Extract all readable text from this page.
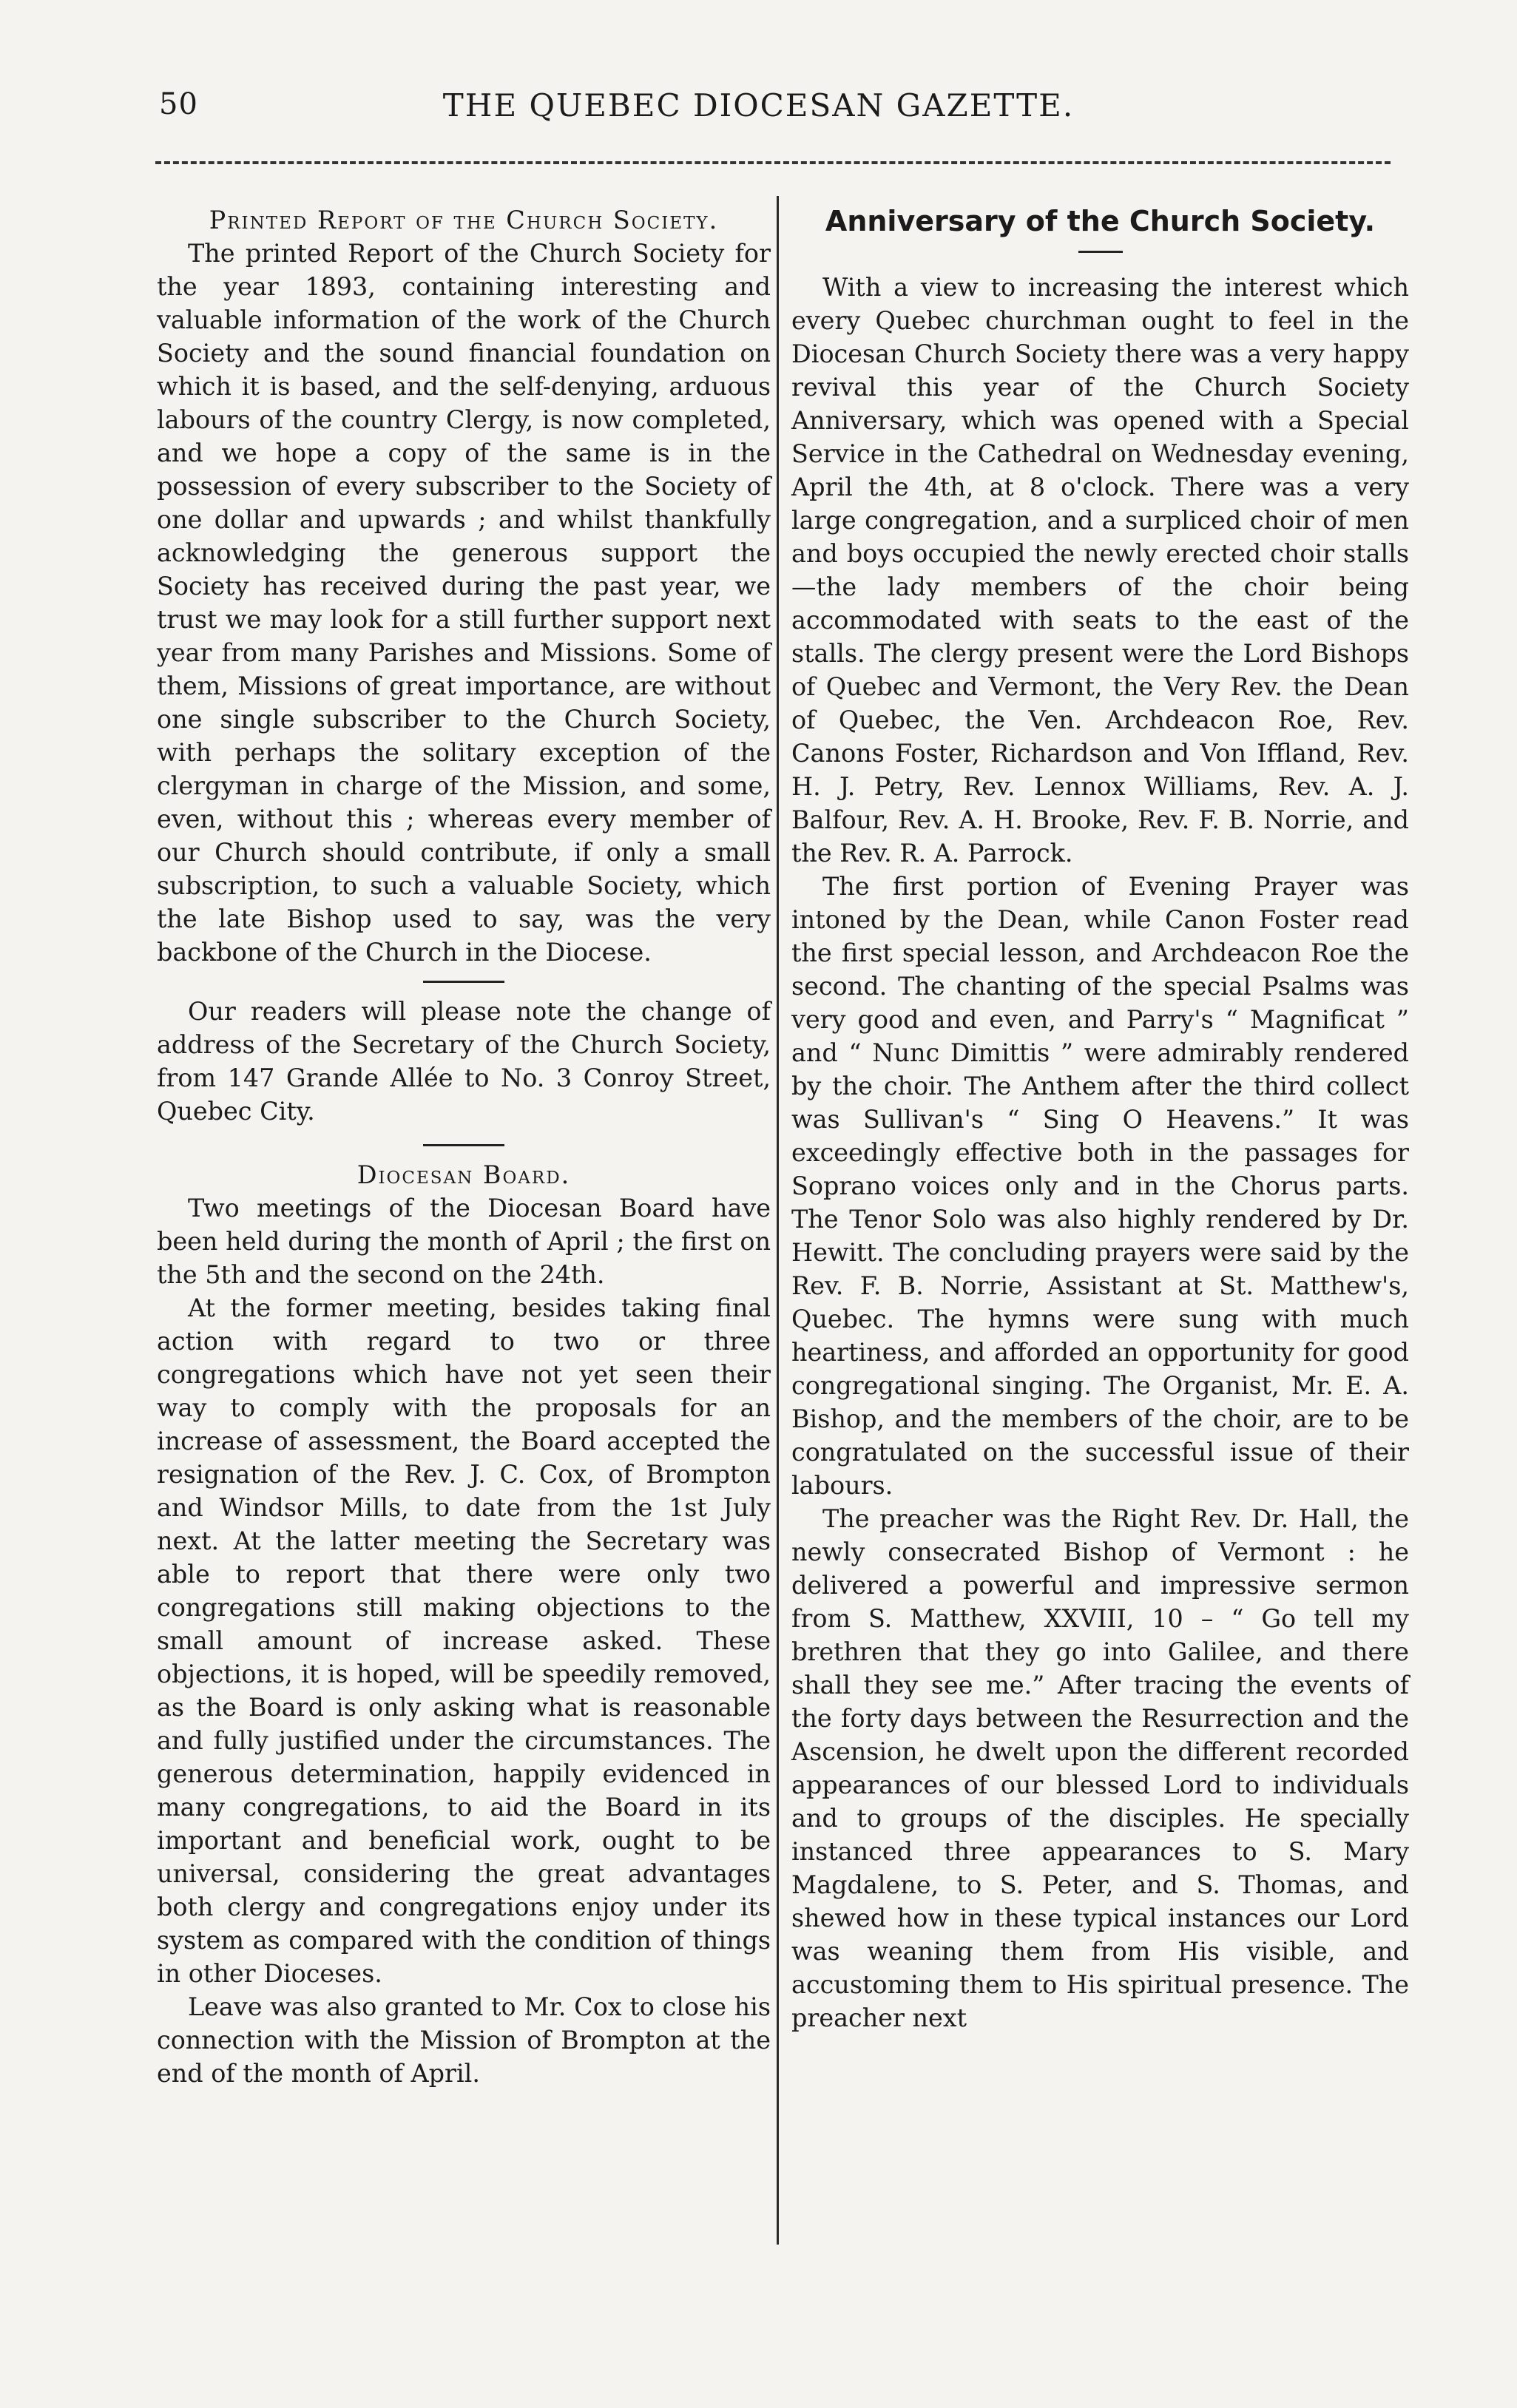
50	THE QUEBEC DIOCESAN GAZETTE.
Printed Report of the Church Society.

The printed Report of the Church Society for the year 1893, containing interesting and valuable information of the work of the Church Society and the sound financial foundation on which it is based, and the self-denying, arduous labours of the country Clergy, is now completed, and we hope a copy of the same is in the possession of every subscriber to the Society of one dollar and upwards ; and whilst thankfully acknowledging the generous support the Society has received during the past year, we trust we may look for a still further support next year from many Parishes and Missions. Some of them, Missions of great importance, are without one single subscriber to the Church Society, with perhaps the solitary exception of the clergyman in charge of the Mission, and some, even, without this ; whereas every member of our Church should contribute, if only a small subscription, to such a valuable Society, which the late Bishop used to say, was the very backbone of the Church in the Diocese.

Our readers will please note the change of address of the Secretary of the Church Society, from 147 Grande Allée to No. 3 Conroy Street, Quebec City.

Diocesan Board.

Two meetings of the Diocesan Board have been held during the month of April ; the first on the 5th and the second on the 24th.

At the former meeting, besides taking final action with regard to two or three congregations which have not yet seen their way to comply with the proposals for an increase of assessment, the Board accepted the resignation of the Rev. J. C. Cox, of Brompton and Windsor Mills, to date from the 1st July next. At the latter meeting the Secretary was able to report that there were only two congregations still making objections to the small amount of increase asked. These objections, it is hoped, will be speedily removed, as the Board is only asking what is reasonable and fully justified under the circumstances. The generous determination, happily evidenced in many congregations, to aid the Board in its important and beneficial work, ought to be universal, considering the great advantages both clergy and congregations enjoy under its system as compared with the condition of things in other Dioceses.

Leave was also granted to Mr. Cox to close his connection with the Mission of Brompton at the end of the month of April.

Anniversary of the Church Society.

With a view to increasing the interest which every Quebec churchman ought to feel in the Diocesan Church Society there was a very happy revival this year of the Church Society Anniversary, which was opened with a Special Service in the Cathedral on Wednesday evening, April the 4th, at 8 o'clock. There was a very large congregation, and a surpliced choir of men and boys occupied the newly erected choir stalls—the lady members of the choir being accommodated with seats to the east of the stalls. The clergy present were the Lord Bishops of Quebec and Vermont, the Very Rev. the Dean of Quebec, the Ven. Archdeacon Roe, Rev. Canons Foster, Richardson and Von Iffland, Rev. H. J. Petry, Rev. Lennox Williams, Rev. A. J. Balfour, Rev. A. H. Brooke, Rev. F. B. Norrie, and the Rev. R. A. Parrock.

The first portion of Evening Prayer was intoned by the Dean, while Canon Foster read the first special lesson, and Archdeacon Roe the second. The chanting of the special Psalms was very good and even, and Parry's “ Magnificat ” and “ Nunc Dimittis ” were admirably rendered by the choir. The Anthem after the third collect was Sullivan's “ Sing O Heavens.” It was exceedingly effective both in the passages for Soprano voices only and in the Chorus parts. The Tenor Solo was also highly rendered by Dr. Hewitt. The concluding prayers were said by the Rev. F. B. Norrie, Assistant at St. Matthew's, Quebec. The hymns were sung with much heartiness, and afforded an opportunity for good congregational singing. The Organist, Mr. E. A. Bishop, and the members of the choir, are to be congratulated on the successful issue of their labours.

The preacher was the Right Rev. Dr. Hall, the newly consecrated Bishop of Vermont : he delivered a powerful and impressive sermon from S. Matthew, XXVIII, 10 – “ Go tell my brethren that they go into Galilee, and there shall they see me.” After tracing the events of the forty days between the Resurrection and the Ascension, he dwelt upon the different recorded appearances of our blessed Lord to individuals and to groups of the disciples. He specially instanced three appearances to S. Mary Magdalene, to S. Peter, and S. Thomas, and shewed how in these typical instances our Lord was weaning them from His visible, and accustoming them to His spiritual presence. The preacher next
